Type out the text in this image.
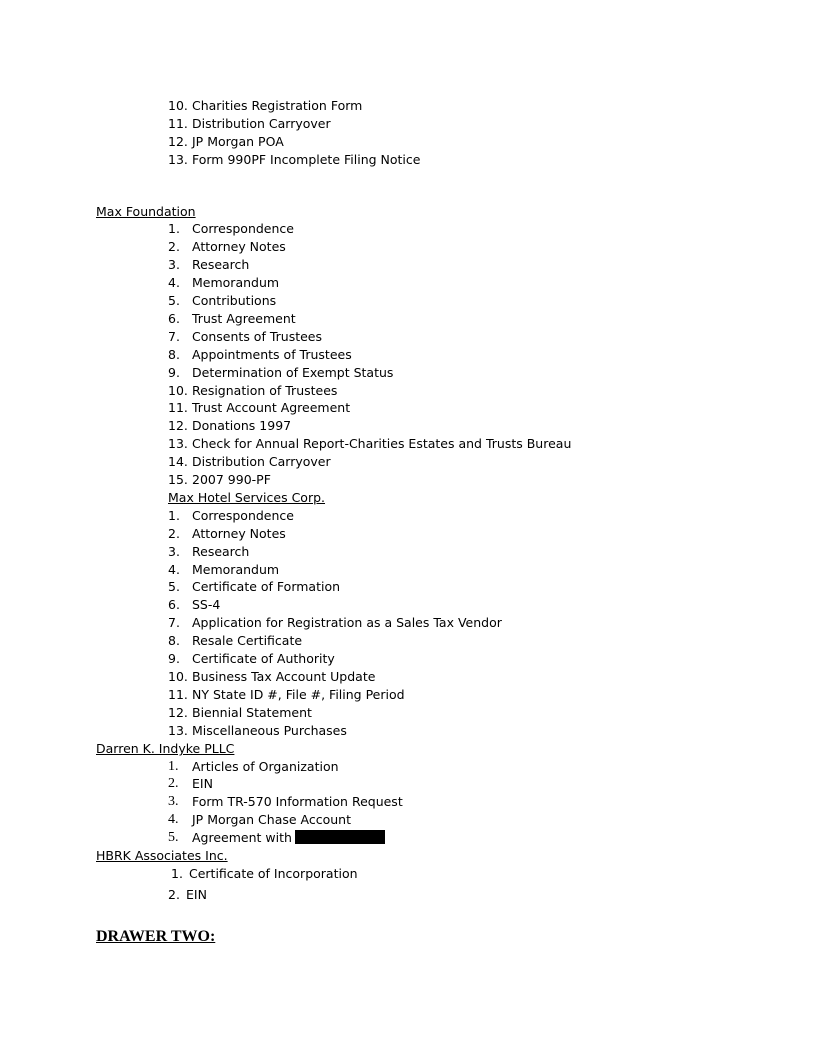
10. Charities Registration Form
11. Distribution Carryover
12. JP Morgan POA
13. Form 990PF Incomplete Filing Notice
Max Foundation
1. Correspondence
2. Attorney Notes
3. Research
4. Memorandum
5. Contributions
6. Trust Agreement
7. Consents of Trustees
8. Appointments of Trustees
9. Determination of Exempt Status
10. Resignation of Trustees
11. Trust Account Agreement
12. Donations 1997
13. Check for Annual Report-Charities Estates and Trusts Bureau
14. Distribution Carryover
15. 2007 990-PF
Max Hotel Services Corp.
1. Correspondence
2. Attorney Notes
3. Research
4. Memorandum
5. Certificate of Formation
6. SS-4
7. Application for Registration as a Sales Tax Vendor
8. Resale Certificate
9. Certificate of Authority
10. Business Tax Account Update
11. NY State ID #, File #, Filing Period
12. Biennial Statement
13. Miscellaneous Purchases
Darren K. Indyke PLLC
1.	Articles of Organization
2.	EIN
3.	Form TR-570 Information Request
4.	JP Morgan Chase Account
5.	Agreement with
HBRK Associates Inc.
1. Certificate of Incorporation
2. EIN
DRAWER TWO:
